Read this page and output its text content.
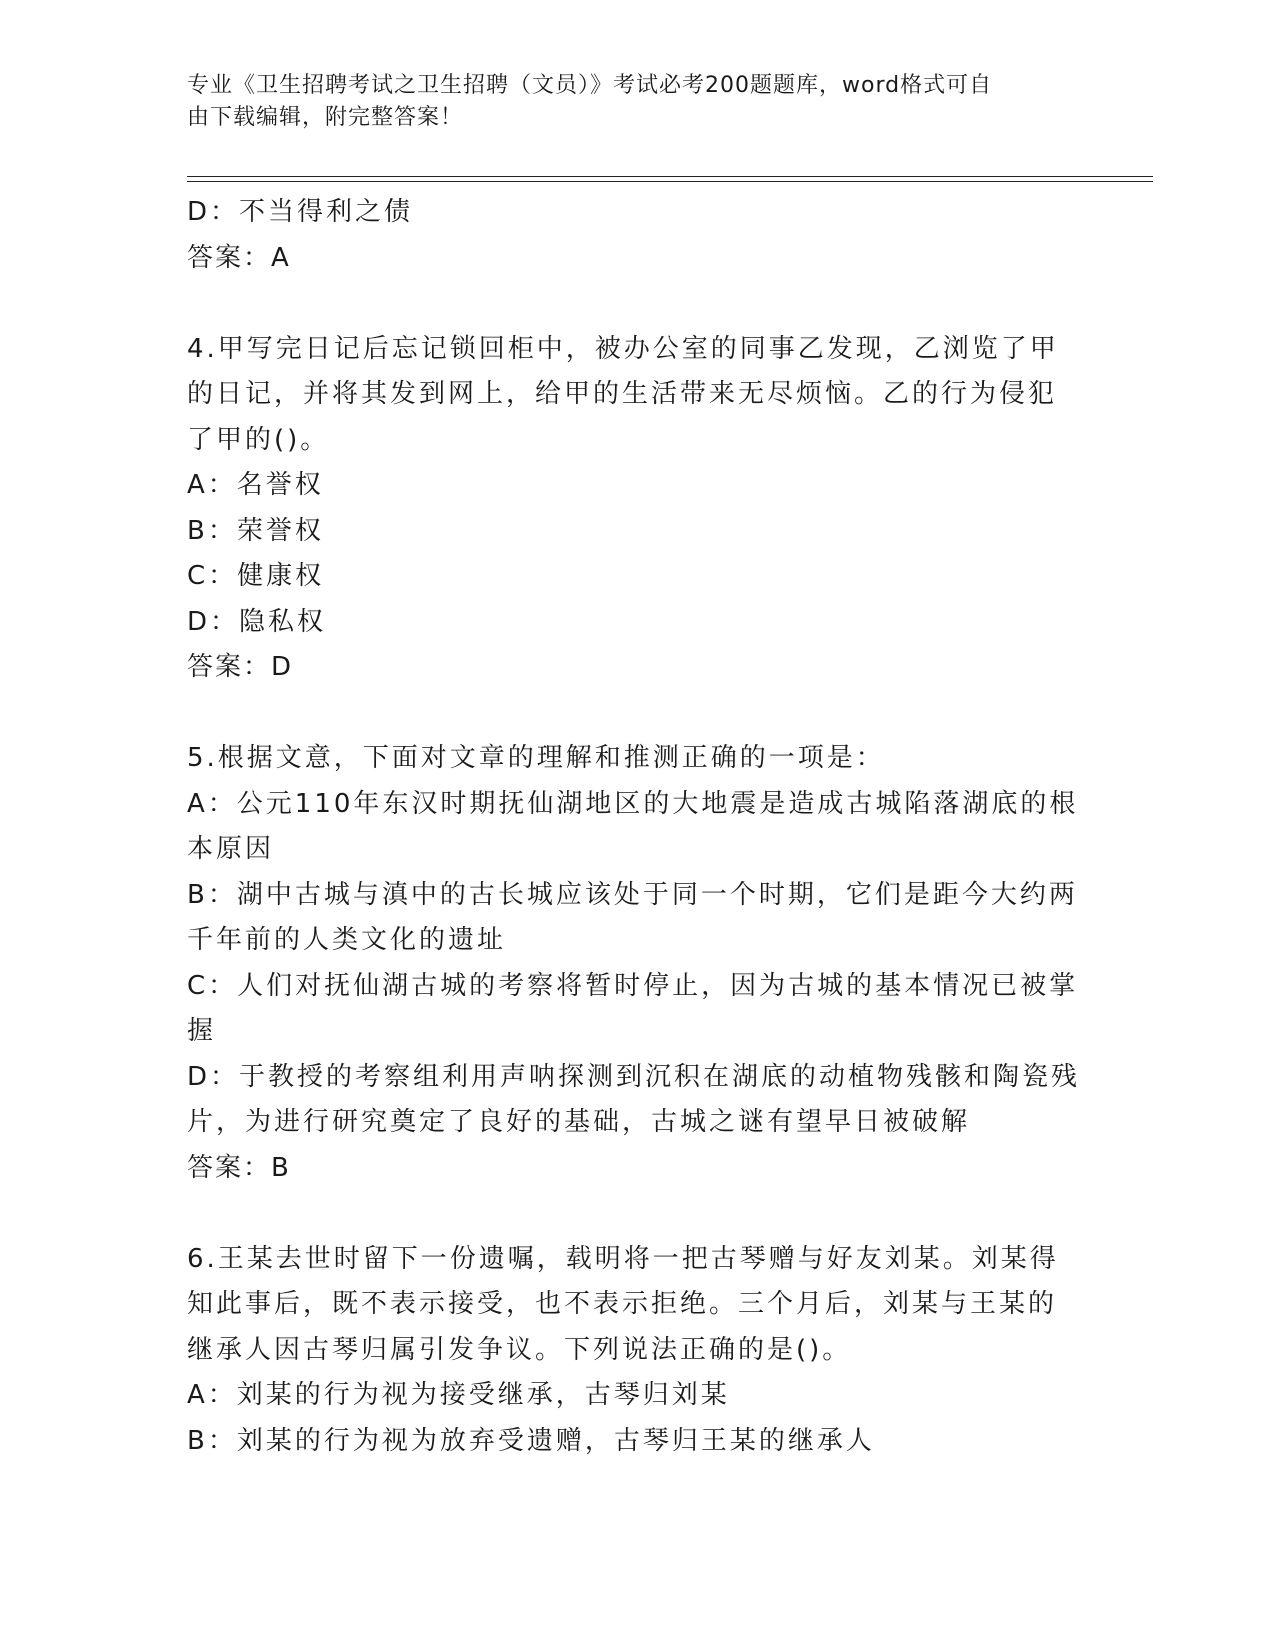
专业《卫生招聘考试之卫生招聘（文员）》考试必考200题题库，word格式可自
由下载编辑，附完整答案！
D：不当得利之债
答案：A
4.甲写完日记后忘记锁回柜中，被办公室的同事乙发现，乙浏览了甲
的日记，并将其发到网上，给甲的生活带来无尽烦恼。乙的行为侵犯
了甲的()。
A：名誉权
B：荣誉权
C：健康权
D：隐私权
答案：D
5.根据文意，下面对文章的理解和推测正确的一项是：
A：公元110年东汉时期抚仙湖地区的大地震是造成古城陷落湖底的根
本原因
B：湖中古城与滇中的古长城应该处于同一个时期，它们是距今大约两
千年前的人类文化的遗址
C：人们对抚仙湖古城的考察将暂时停止，因为古城的基本情况已被掌
握
D：于教授的考察组利用声呐探测到沉积在湖底的动植物残骸和陶瓷残
片，为进行研究奠定了良好的基础，古城之谜有望早日被破解
答案：B
6.王某去世时留下一份遗嘱，载明将一把古琴赠与好友刘某。刘某得
知此事后，既不表示接受，也不表示拒绝。三个月后，刘某与王某的
继承人因古琴归属引发争议。下列说法正确的是()。
A：刘某的行为视为接受继承，古琴归刘某
B：刘某的行为视为放弃受遗赠，古琴归王某的继承人
